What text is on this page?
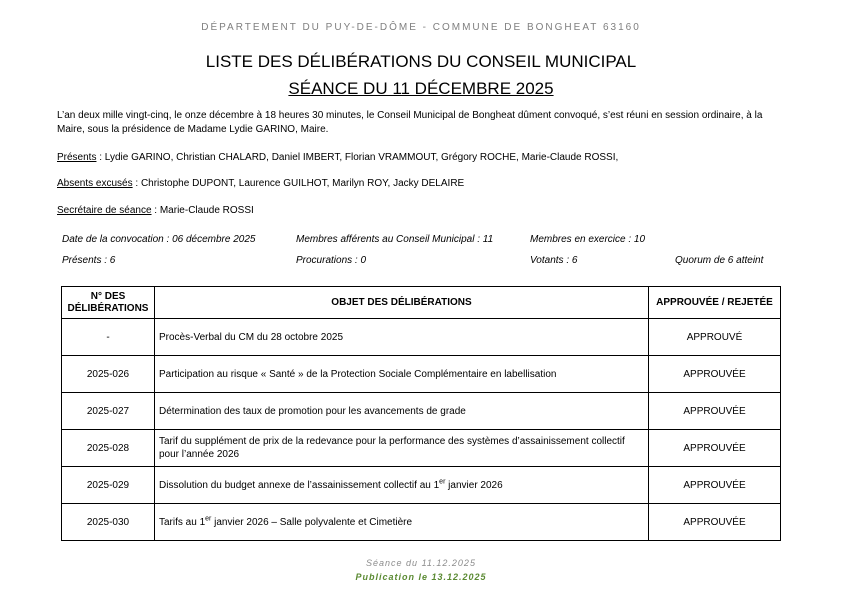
DÉPARTEMENT DU PUY-DE-DÔME - COMMUNE DE BONGHEAT 63160
LISTE DES DÉLIBÉRATIONS DU CONSEIL MUNICIPAL
SÉANCE DU 11 DÉCEMBRE 2025
L’an deux mille vingt-cinq, le onze décembre à 18 heures 30 minutes, le Conseil Municipal de Bongheat dûment convoqué, s’est réuni en session ordinaire, à la Maire, sous la présidence de Madame Lydie GARINO, Maire.
Présents : Lydie GARINO, Christian CHALARD, Daniel IMBERT, Florian VRAMMOUT, Grégory ROCHE, Marie-Claude ROSSI,
Absents excusés : Christophe DUPONT, Laurence GUILHOT, Marilyn ROY, Jacky DELAIRE
Secrétaire de séance : Marie-Claude ROSSI
Date de la convocation : 06 décembre 2025	Membres afférents au Conseil Municipal : 11	Membres en exercice : 10
Présents : 6	Procurations : 0	Votants : 6	Quorum de 6 atteint
N° DES
DÉLIBÉRATIONS	OBJET DES DÉLIBÉRATIONS	APPROUVÉE / REJETÉE
-	Procès-Verbal du CM du 28 octobre 2025	APPROUVÉ
2025-026	Participation au risque « Santé » de la Protection Sociale Complémentaire en labellisation	APPROUVÉE
2025-027	Détermination des taux de promotion pour les avancements de grade	APPROUVÉE
2025-028	Tarif du supplément de prix de la redevance pour la performance des systèmes d’assainissement collectif pour l’année 2026	APPROUVÉE
2025-029	Dissolution du budget annexe de l’assainissement collectif au 1er janvier 2026	APPROUVÉE
2025-030	Tarifs au 1er janvier 2026 – Salle polyvalente et Cimetière	APPROUVÉE
Séance du 11.12.2025
Publication le 13.12.2025
